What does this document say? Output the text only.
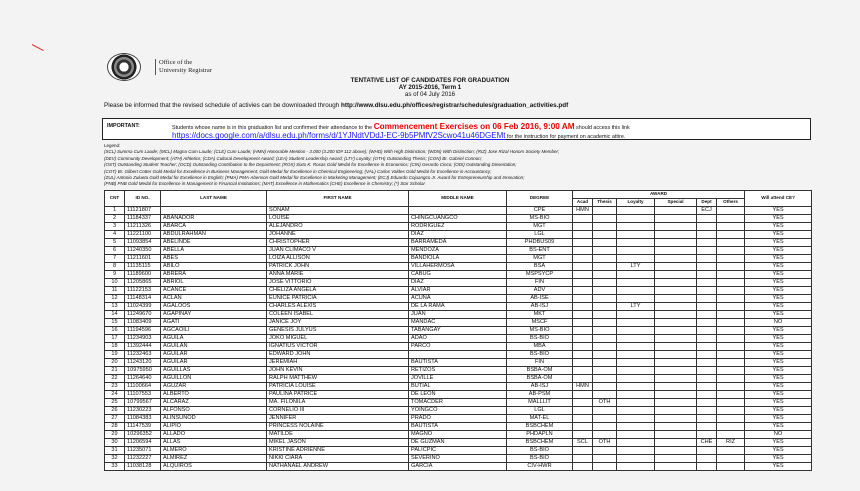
Office of the
University Registrar
TENTATIVE LIST OF CANDIDATES FOR GRADUATION
AY 2015-2016, Term 1
as of 04 July 2016
Please be informed that the revised schedule of activies can be downloaded through http://www.dlsu.edu.ph/offices/registrar/schedules/graduation_activities.pdf
IMPORTANT:	Students whose name is in this graduation list and confirmed their attendance to the Commencement Exercises on 06 Feb 2016, 9:00 AM should access this link
https://docs.google.com/a/dlsu.edu.ph/forms/d/1YJNdtVDdJ-EC-9b5PMfV2Scwo41u46DGEMt for the instruction for payment on academic attire.
Legend:
(SCL) Summa Cum Laude; (MCL) Magna Cum Laude; (CLE) Cum Laude; (HMN) Honorable Mention - 3.000 (3.200 ID# 112 above); (WHD) With High Distinction; (WDN) With Distinction; (RIZ) Jose Rizal Honors Society Member;
(DEV) Community Development; (ATH) Athletics; (CDA) Cultural Development Award; (LEA) Student Leadership Award; (LTY) Loyalty; (OTH) Outstanding Thesis; (CON) Br. Gabriel Connon;
(OST) Outstanding Student Teacher; (OCD) Outstanding Contribution to the Department; (ROX) Sixto K. Roxas Gold Medal for Excellence in Economics; (CIN) Gerardo Cinco; (ODI) Outstanding Dissertation;
(COT) Br. Gilbert Cotter Gold Medal for Excellence in Business Management; Gold Medal for Excellence in Chemical Engineering; (VAL) Carlos Valdes Gold Medal for Excellence in Accountancy;
(ZUL) Antonio Zulueta Gold Medal for Excellence in English; (PMA) PMA-Abenson Gold Medal for Excellence in Marketing Management; (ECJ) Eduardo Cojuangco Jr. Award for Entrepreneurship and Innovation;
(PNB) PNB Gold Medal for Excellence in Management in Financial Institutions; (MAT) Excellence in Mathematics (CHE) Excellence in Chemistry; (*) Star Scholar
CNT	ID NO.	LAST NAME	FIRST NAME	MIDDLE NAME	DEGREE	AWARD						Will attend CE?
						Acad	Thesis	Loyalty	Special	Dept	Others	
1	11121807		SONAM		CPE	HMN				ECJ		YES
2	11184337	ABANADOR	LOUISE	CHINGCUANGCO	MS-BIO							YES
3	11211326	ABARCA	ALEJANDRO	RODRIGUEZ	MGT							YES
4	11221100	ABDULRAHMAN	JOHANNE	DIAZ	LGL							YES
5	11093854	ABELINDE	CHRISTOPHER	BARRAMEDA	PHDBUS09							YES
6	11240350	ABELLA	JUAN CLIMACO V	MENDOZA	BS-ENT							YES
7	11211601	ABES	LOIZA ALLISON	BANDIOLA	MGT							YES
8	11135115	ABILO	PATRICK JOHN	VILLAHERMOSA	BSA			LTY				YES
9	11189600	ABRERA	ANNA MARIE	CABUG	MSPSYCP							YES
10	11205865	ABRIOL	JOSE VITTORIO	DIAZ	FIN							YES
11	11122153	ACANCE	CHELIZA ANGELA	ALVIAR	ADV							YES
12	11148314	ACLAN	EUNICE PATRICIA	ACUÑA	AB-ISE							YES
13	11024399	AGALOOS	CHARLES ALEXIS	DE LA RAMA	AB-ISJ			LTY				YES
14	11249670	AGAPINAY	COLEEN ISABEL	JUAN	MKT							YES
15	11083409	AGATI	JANICE JOY	MANDAC	MSCF							NO
16	11194596	AGCAOILI	GENESIS JULYUS	TABANGAY	MS-BIO							YES
17	11234903	AGUILA	JOKO MIGUEL	ADAO	BS-BIO							YES
18	11392444	AGUILAN	IGNATIUS VICTOR	PARCO	MBA							YES
19	11232463	AGUILAR	EDWARD JOHN		BS-BIO							YES
20	11243120	AGUILAR	JEREMIAH	BAUTISTA	FIN							YES
21	10975950	AGUILLAS	JOHN KEVIN	RETIZOS	BSBA-OM							YES
22	11264640	AGUILLON	RALPH MATTHEW	JOVILLE	BSBA-OM							YES
23	11100664	AGUZAR	PATRICIA LOUISE	BUTIAL	AB-ISJ	HMN						YES
24	11107553	ALBERTO	PAULINA PATRICE	DE LEON	AB-PSM							YES
25	10799567	ALCARAZ	MA. FILONILA	TOMACDER	MALLLIT		OTH					YES
26	11230223	ALFONSO	CORNELIO III	YOINGCO	LGL							YES
27	11084383	ALINSUNOD	JENNIFER	PRADO	MAT-EL							YES
28	11147539	ALIPIO	PRINCESS NOLAINE	BAUTISTA	BSBCHEM							YES
29	10296352	ALLADO	MATILDE	MAGNO	PHDAPLN							NO
30	11206594	ALLAS	MIKEL JASON	DE GUZMAN	BSBCHEM	SCL	OTH			CHE	RIZ	YES
31	11235071	ALMERO	KRISTINE ADRIENNE	PALICPIC	BS-BIO							YES
32	11232227	ALMIREZ	NIKKI CIARA	SEVERINO	BS-BIO							YES
33	11038128	ALQUIROS	NATHANAEL ANDREW	GARCIA	CIV-HWR							YES
